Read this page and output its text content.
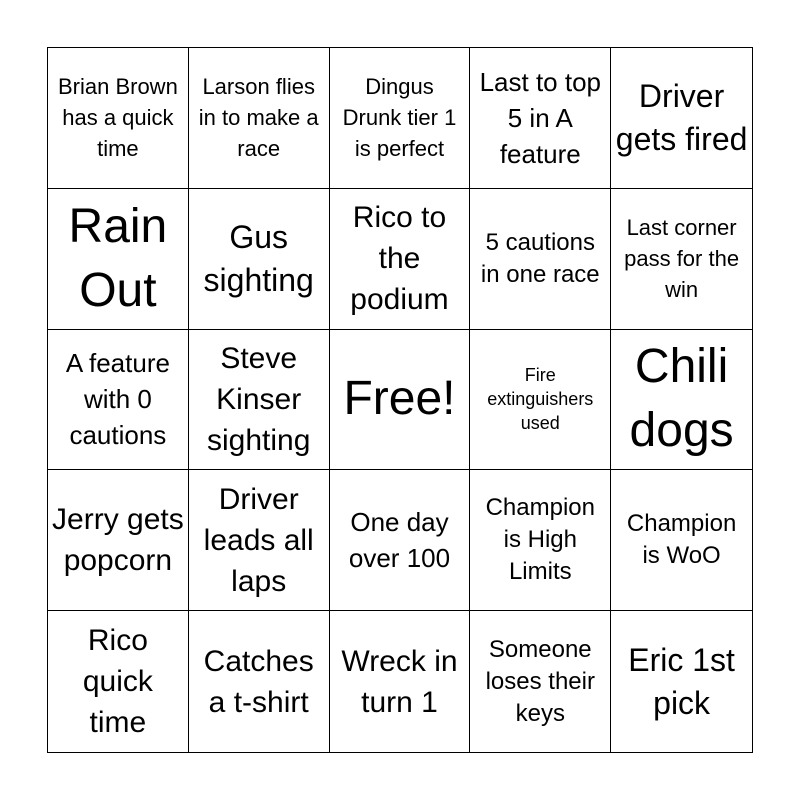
Brian Brown has a quick time
Larson flies in to make a race
Dingus Drunk tier 1 is perfect
Last to top 5 in A feature
Driver gets fired
Rain Out
Gus sighting
Rico to the podium
5 cautions in one race
Last corner pass for the win
A feature with 0 cautions
Steve Kinser sighting
Free!	Fire extinguishers used
Chili dogs
Jerry gets popcorn
Driver leads all laps
One day over 100
Champion is High Limits
Champion is WoO
Rico quick time
Catches a t-shirt
Wreck in turn 1
Someone loses their keys
Eric 1st pick
